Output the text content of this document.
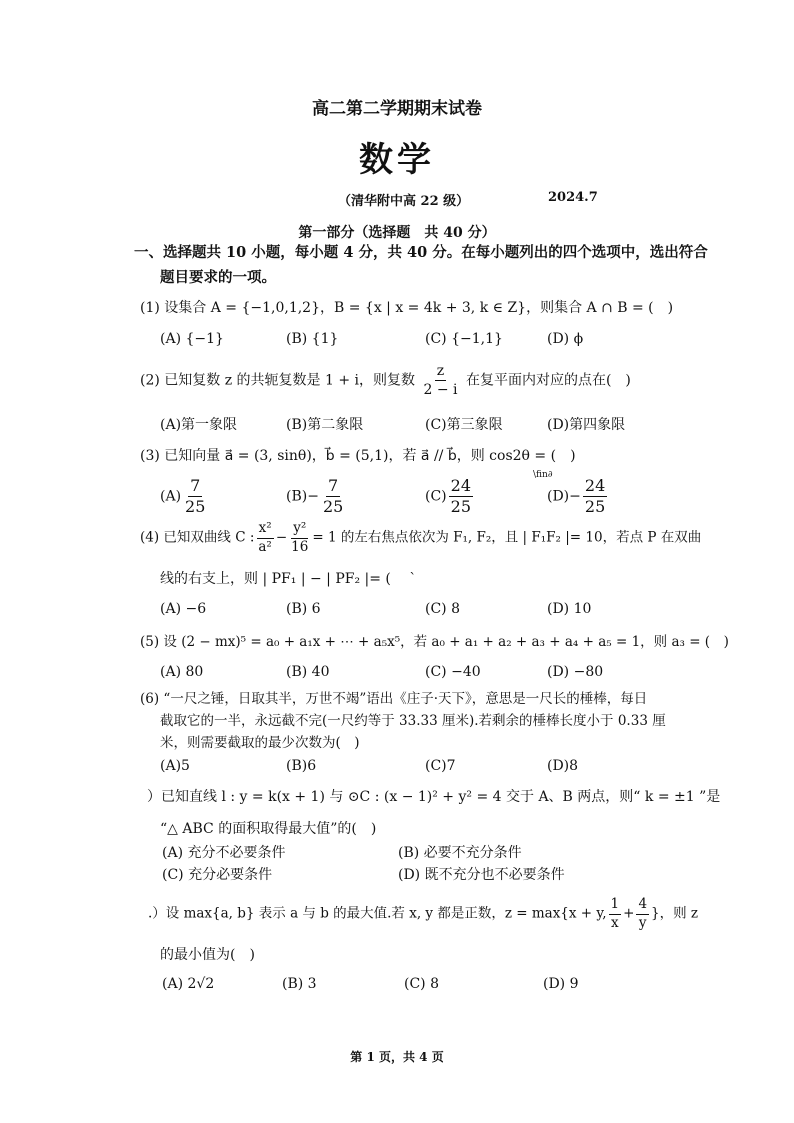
高二第二学期期末试卷
数学
（清华附中高 22 级）	2024.7
第一部分（选择题　共 40 分）
一、选择题共 10 小题，每小题 4 分，共 40 分。在每小题列出的四个选项中，选出符合
题目要求的一项。
(1) 设集合 A = {−1,0,1,2}，B = {x | x = 4k + 3, k ∈ Z}，则集合 A ∩ B = (　)
(A) {−1}	(B) {1}	(C) {−1,1}	(D) ϕ
(2) 已知复数 z 的共轭复数是 1 + i，则复数 $\frac{z}{2 - i}$ 在复平面内对应的点在(　)
(A)第一象限	(B)第二象限	(C)第三象限	(D)第四象限
(3) 已知向量 a⃗ = (3, sinθ)，b⃗ = (5,1)，若 a⃗ // b⃗，则 cos2θ = (　)
\fin∂
$(A) \frac{7}{25}$	$(B)- \frac{7}{25}$	$(C) \frac{24}{25}$	$(D)- \frac{24}{25}$
(4) 已知双曲线 C : $\frac{\text{x²}}{\text{a²}} - \frac{\text{y²}}{16} = 1$ 的左右焦点依次为 F₁, F₂，且 | F₁F₂ |= 10，若点 P 在双曲
线的右支上，则 | PF₁ | − | PF₂ |= ( 　`
(A) −6	(B) 6	(C) 8	(D) 10
(5) 设 (2 − mx)⁵ = a₀ + a₁x + ⋯ + a₅x⁵，若 a₀ + a₁ + a₂ + a₃ + a₄ + a₅ = 1，则 a₃ = (　)
(A) 80	(B) 40	(C) −40	(D) −80
(6) “一尺之锤，日取其半，万世不竭”语出《庄子·天下》，意思是一尺长的棰棒，每日
截取它的一半，永远截不完(一尺约等于 33.33 厘米).若剩余的棰棒长度小于 0.33 厘
米，则需要截取的最少次数为(　)
(A)5	(B)6	(C)7	(D)8
）已知直线 l : y = k(x + 1) 与 ⊙C : (x − 1)² + y² = 4 交于 A、B 两点，则“ k = ±1 ”是
“△ ABC 的面积取得最大值”的(　)
(A) 充分不必要条件	(B) 必要不充分条件
(C) 充分必要条件	(D) 既不充分也不必要条件
.）设 max{a, b} 表示 a 与 b 的最大值.若 x, y 都是正数，z = max{x + y, $\frac{1}{x} + \frac{4}{y}$ }，则 z
的最小值为(　)
(A) 2√2	(B) 3	(C) 8	(D) 9
第 1 页，共 4 页
